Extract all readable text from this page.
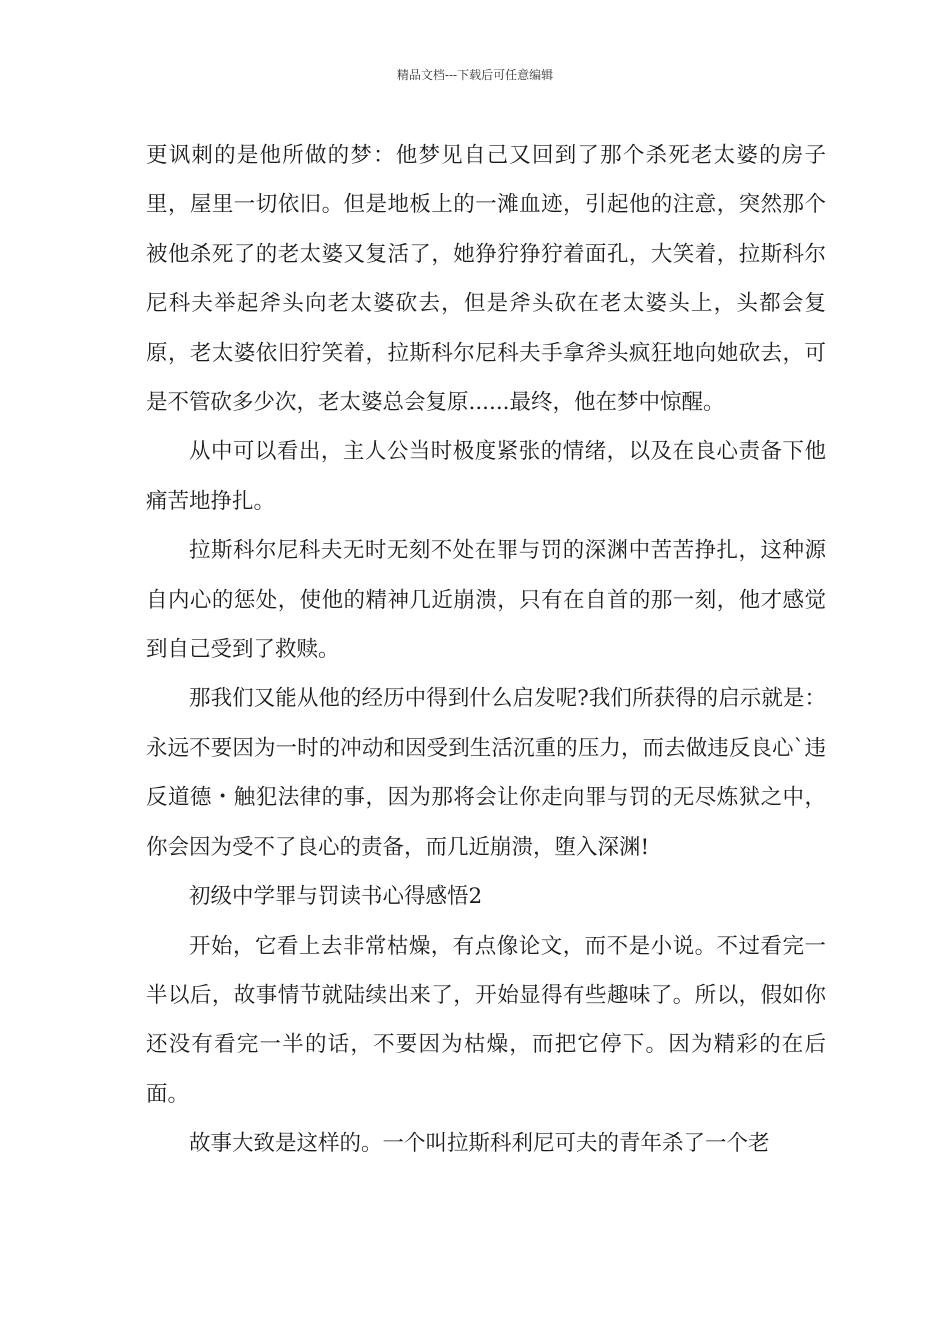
精品文档---下载后可任意编辑

更讽刺的是他所做的梦：他梦见自己又回到了那个杀死老太婆的房子里，屋里一切依旧。但是地板上的一滩血迹，引起他的注意，突然那个被他杀死了的老太婆又复活了，她狰狞狰狞着面孔，大笑着，拉斯科尔尼科夫举起斧头向老太婆砍去，但是斧头砍在老太婆头上，头都会复原，老太婆依旧狞笑着，拉斯科尔尼科夫手拿斧头疯狂地向她砍去，可是不管砍多少次，老太婆总会复原......最终，他在梦中惊醒。

从中可以看出，主人公当时极度紧张的情绪，以及在良心责备下他痛苦地挣扎。

拉斯科尔尼科夫无时无刻不处在罪与罚的深渊中苦苦挣扎，这种源自内心的惩处，使他的精神几近崩溃，只有在自首的那一刻，他才感觉到自己受到了救赎。

那我们又能从他的经历中得到什么启发呢?我们所获得的启示就是：永远不要因为一时的冲动和因受到生活沉重的压力，而去做违反良心`违反道德・触犯法律的事，因为那将会让你走向罪与罚的无尽炼狱之中，你会因为受不了良心的责备，而几近崩溃，堕入深渊!

初级中学罪与罚读书心得感悟2

开始，它看上去非常枯燥，有点像论文，而不是小说。不过看完一半以后，故事情节就陆续出来了，开始显得有些趣味了。所以，假如你还没有看完一半的话，不要因为枯燥，而把它停下。因为精彩的在后面。

故事大致是这样的。一个叫拉斯科利尼可夫的青年杀了一个老
